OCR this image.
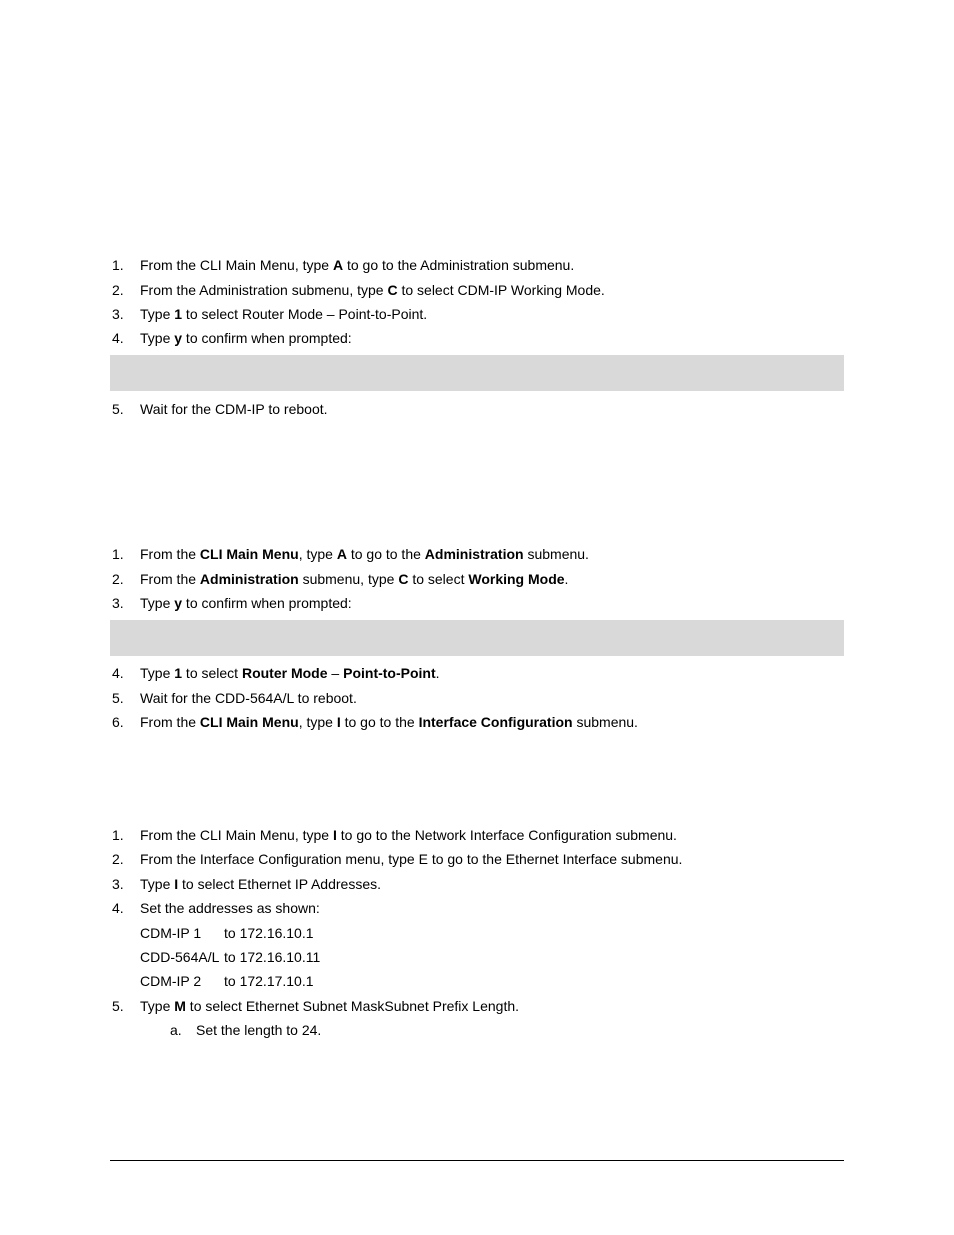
1.	From the CLI Main Menu, type A to go to the Administration submenu.
2.	From the Administration submenu, type C to select CDM-IP Working Mode.
3.	Type 1 to select Router Mode – Point-to-Point.
4.	Type y to confirm when prompted:
5.	Wait for the CDM-IP to reboot.
1.	From the CLI Main Menu, type A to go to the Administration submenu.
2.	From the Administration submenu, type C to select Working Mode.
3.	Type y to confirm when prompted:
4.	Type 1 to select Router Mode – Point-to-Point.
5.	Wait for the CDD-564A/L to reboot.
6.	From the CLI Main Menu, type I to go to the Interface Configuration submenu.
1.	From the CLI Main Menu, type I to go to the Network Interface Configuration submenu.
2.	From the Interface Configuration menu, type E to go to the Ethernet Interface submenu.
3.	Type I to select Ethernet IP Addresses.
4.	Set the addresses as shown:
CDM-IP 1 to 172.16.10.1
CDD-564A/L to 172.16.10.11
CDM-IP 2 to 172.17.10.1
5.	Type M to select Ethernet Subnet MaskSubnet Prefix Length.
a. Set the length to 24.
